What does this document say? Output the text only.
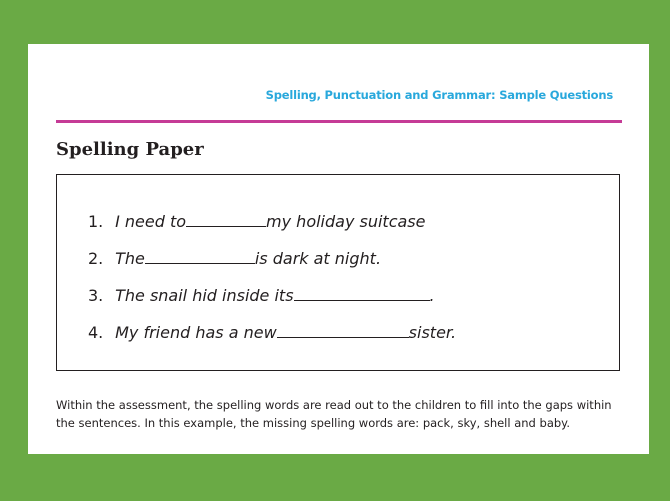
Spelling, Punctuation and Grammar: Sample Questions
Spelling Paper
1. I need to	my holiday suitcase
2. The	is dark at night.
3. The snail hid inside its	.
4. My friend has a new	sister.
Within the assessment, the spelling words are read out to the children to fill into the gaps within the sentences. In this example, the missing spelling words are: pack, sky, shell and baby.
